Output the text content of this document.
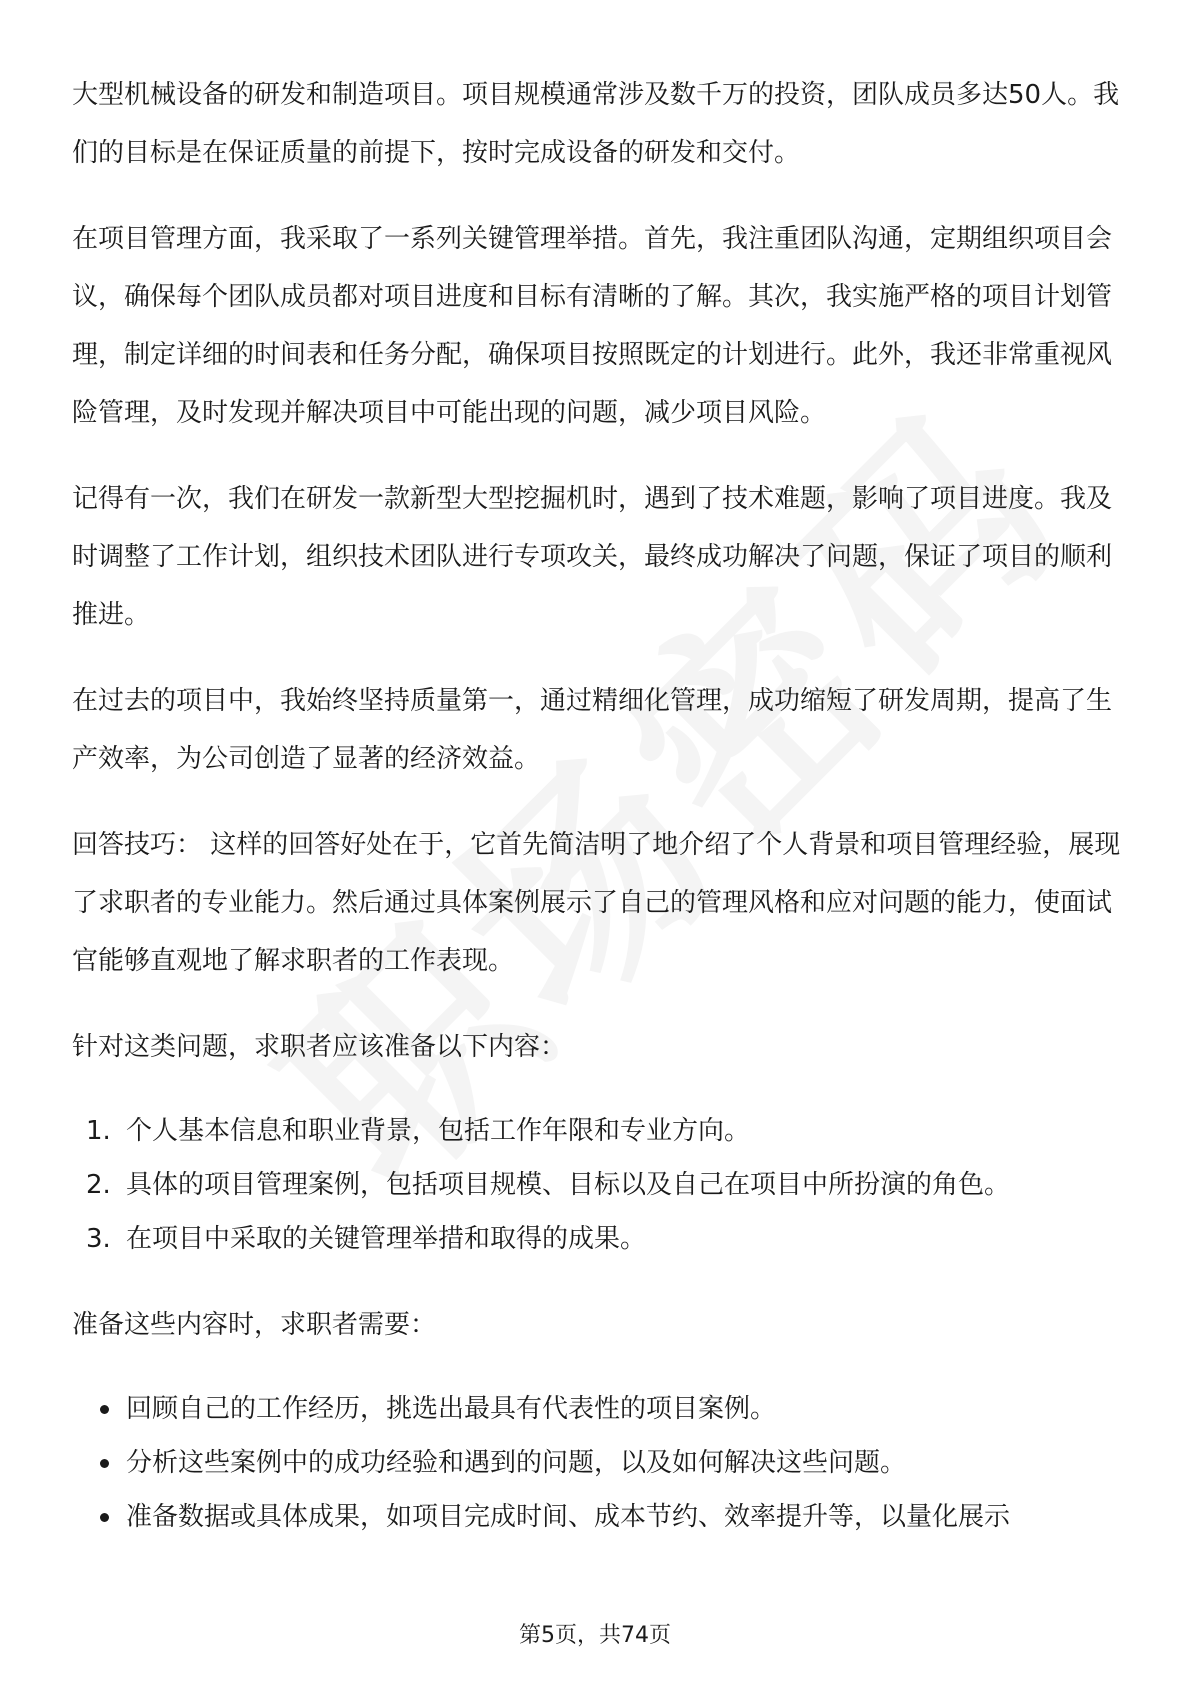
大型机械设备的研发和制造项目。项目规模通常涉及数千万的投资，团队成员多达50人。我们的目标是在保证质量的前提下，按时完成设备的研发和交付。

在项目管理方面，我采取了一系列关键管理举措。首先，我注重团队沟通，定期组织项目会议，确保每个团队成员都对项目进度和目标有清晰的了解。其次，我实施严格的项目计划管理，制定详细的时间表和任务分配，确保项目按照既定的计划进行。此外，我还非常重视风险管理，及时发现并解决项目中可能出现的问题，减少项目风险。

记得有一次，我们在研发一款新型大型挖掘机时，遇到了技术难题，影响了项目进度。我及时调整了工作计划，组织技术团队进行专项攻关，最终成功解决了问题，保证了项目的顺利推进。

在过去的项目中，我始终坚持质量第一，通过精细化管理，成功缩短了研发周期，提高了生产效率，为公司创造了显著的经济效益。

回答技巧： 这样的回答好处在于，它首先简洁明了地介绍了个人背景和项目管理经验，展现了求职者的专业能力。然后通过具体案例展示了自己的管理风格和应对问题的能力，使面试官能够直观地了解求职者的工作表现。

针对这类问题，求职者应该准备以下内容：

1. 个人基本信息和职业背景，包括工作年限和专业方向。
2. 具体的项目管理案例，包括项目规模、目标以及自己在项目中所扮演的角色。
3. 在项目中采取的关键管理举措和取得的成果。

准备这些内容时，求职者需要：

回顾自己的工作经历，挑选出最具有代表性的项目案例。
分析这些案例中的成功经验和遇到的问题，以及如何解决这些问题。
准备数据或具体成果，如项目完成时间、成本节约、效率提升等，以量化展示
第5页，共74页
